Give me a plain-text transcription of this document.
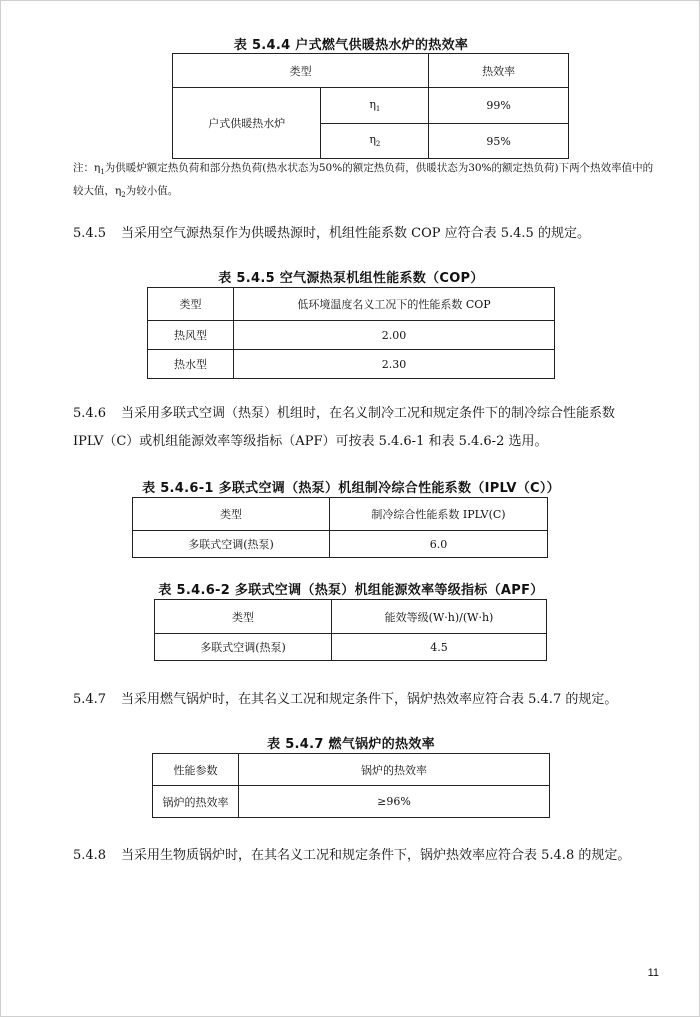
表 5.4.4 户式燃气供暖热水炉的热效率
类型		热效率
户式供暖热水炉	$\eta_1$	99%
	$\eta_2$	95%
注：$\eta_1$为供暖炉额定热负荷和部分热负荷(热水状态为50%的额定热负荷，供暖状态为30%的额定热负荷)下两个热效率值中的较大值，$\eta_2$为较小值。
5.4.5 当采用空气源热泵作为供暖热源时，机组性能系数 COP 应符合表 5.4.5 的规定。
表 5.4.5 空气源热泵机组性能系数（COP）
类型	低环境温度名义工况下的性能系数 COP
热风型	2.00
热水型	2.30
5.4.6 当采用多联式空调（热泵）机组时，在名义制冷工况和规定条件下的制冷综合性能系数
IPLV（C）或机组能源效率等级指标（APF）可按表 5.4.6-1 和表 5.4.6-2 选用。
表 5.4.6-1 多联式空调（热泵）机组制冷综合性能系数（IPLV（C））
类型	制冷综合性能系数 IPLV(C)
多联式空调(热泵)	6.0
表 5.4.6-2 多联式空调（热泵）机组能源效率等级指标（APF）
类型	能效等级(W·h)/(W·h)
多联式空调(热泵)	4.5
5.4.7 当采用燃气锅炉时，在其名义工况和规定条件下，锅炉热效率应符合表 5.4.7 的规定。
表 5.4.7 燃气锅炉的热效率
性能参数	锅炉的热效率
锅炉的热效率	≥96%
5.4.8 当采用生物质锅炉时，在其名义工况和规定条件下，锅炉热效率应符合表 5.4.8 的规定。
11
